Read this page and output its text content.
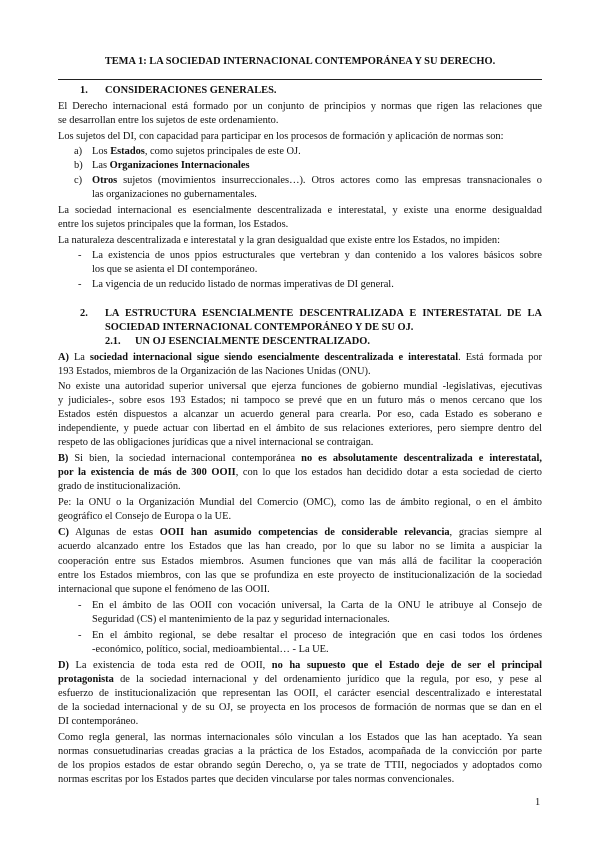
TEMA 1: LA SOCIEDAD INTERNACIONAL CONTEMPORÁNEA Y SU DERECHO.
1. CONSIDERACIONES GENERALES.
El Derecho internacional está formado por un conjunto de principios y normas que rigen las relaciones que
se desarrollan entre los sujetos de este ordenamiento.
Los sujetos del DI, con capacidad para participar en los procesos de formación y aplicación de normas son:
a) Los Estados, como sujetos principales de este OJ.
b) Las Organizaciones Internacionales
c) Otros sujetos (movimientos insurreccionales…). Otros actores como las empresas transnacionales o
las organizaciones no gubernamentales.
La sociedad internacional es esencialmente descentralizada e interestatal, y existe una enorme desigualdad
entre los sujetos principales que la forman, los Estados.
La naturaleza descentralizada e interestatal y la gran desigualdad que existe entre los Estados, no impiden:
- La existencia de unos ppios estructurales que vertebran y dan contenido a los valores básicos sobre
los que se asienta el DI contemporáneo.
- La vigencia de un reducido listado de normas imperativas de DI general.
2. LA ESTRUCTURA ESENCIALMENTE DESCENTRALIZADA E INTERESTATAL DE LA
SOCIEDAD INTERNACIONAL CONTEMPORÁNEO Y DE SU OJ.
2.1. UN OJ ESENCIALMENTE DESCENTRALIZADO.
A) La sociedad internacional sigue siendo esencialmente descentralizada e interestatal. Está formada por
193 Estados, miembros de la Organización de las Naciones Unidas (ONU).
No existe una autoridad superior universal que ejerza funciones de gobierno mundial -legislativas, ejecutivas
y judiciales-, sobre esos 193 Estados; ni tampoco se prevé que en un futuro más o menos cercano que los
Estados estén dispuestos a alcanzar un acuerdo general para crearla. Por eso, cada Estado es soberano e
independiente, y puede actuar con libertad en el ámbito de sus relaciones exteriores, pero siempre dentro del
respeto de las obligaciones jurídicas que a nivel internacional se contraigan.
B) Si bien, la sociedad internacional contemporánea no es absolutamente descentralizada e interestatal,
por la existencia de más de 300 OOII, con lo que los estados han decidido dotar a esta sociedad de cierto
grado de institucionalización.
Pe: la ONU o la Organización Mundial del Comercio (OMC), como las de ámbito regional, o en el ámbito
geográfico el Consejo de Europa o la UE.
C) Algunas de estas OOII han asumido competencias de considerable relevancia, gracias siempre al
acuerdo alcanzado entre los Estados que las han creado, por lo que su labor no se limita a auspiciar la
cooperación entre sus Estados miembros. Asumen funciones que van más allá de facilitar la cooperación
entre los Estados miembros, con las que se profundiza en este proyecto de institucionalización de la sociedad
internacional que supone el fenómeno de las OOII.
- En el ámbito de las OOII con vocación universal, la Carta de la ONU le atribuye al Consejo de
Seguridad (CS) el mantenimiento de la paz y seguridad internacionales.
- En el ámbito regional, se debe resaltar el proceso de integración que en casi todos los órdenes
-económico, político, social, medioambiental… - La UE.
D) La existencia de toda esta red de OOII, no ha supuesto que el Estado deje de ser el principal
protagonista de la sociedad internacional y del ordenamiento jurídico que la regula, por eso, y pese al
esfuerzo de institucionalización que representan las OOII, el carácter esencial descentralizado e interestatal
de la sociedad internacional y de su OJ, se proyecta en los procesos de formación de normas que se dan en el
DI contemporáneo.
Como regla general, las normas internacionales sólo vinculan a los Estados que las han aceptado. Ya sean
normas consuetudinarias creadas gracias a la práctica de los Estados, acompañada de la convicción por parte
de los propios estados de estar obrando según Derecho, o, ya se trate de TTII, negociados y adoptados como
normas escritas por los Estados partes que deciden vincularse por tales normas convencionales.
1
